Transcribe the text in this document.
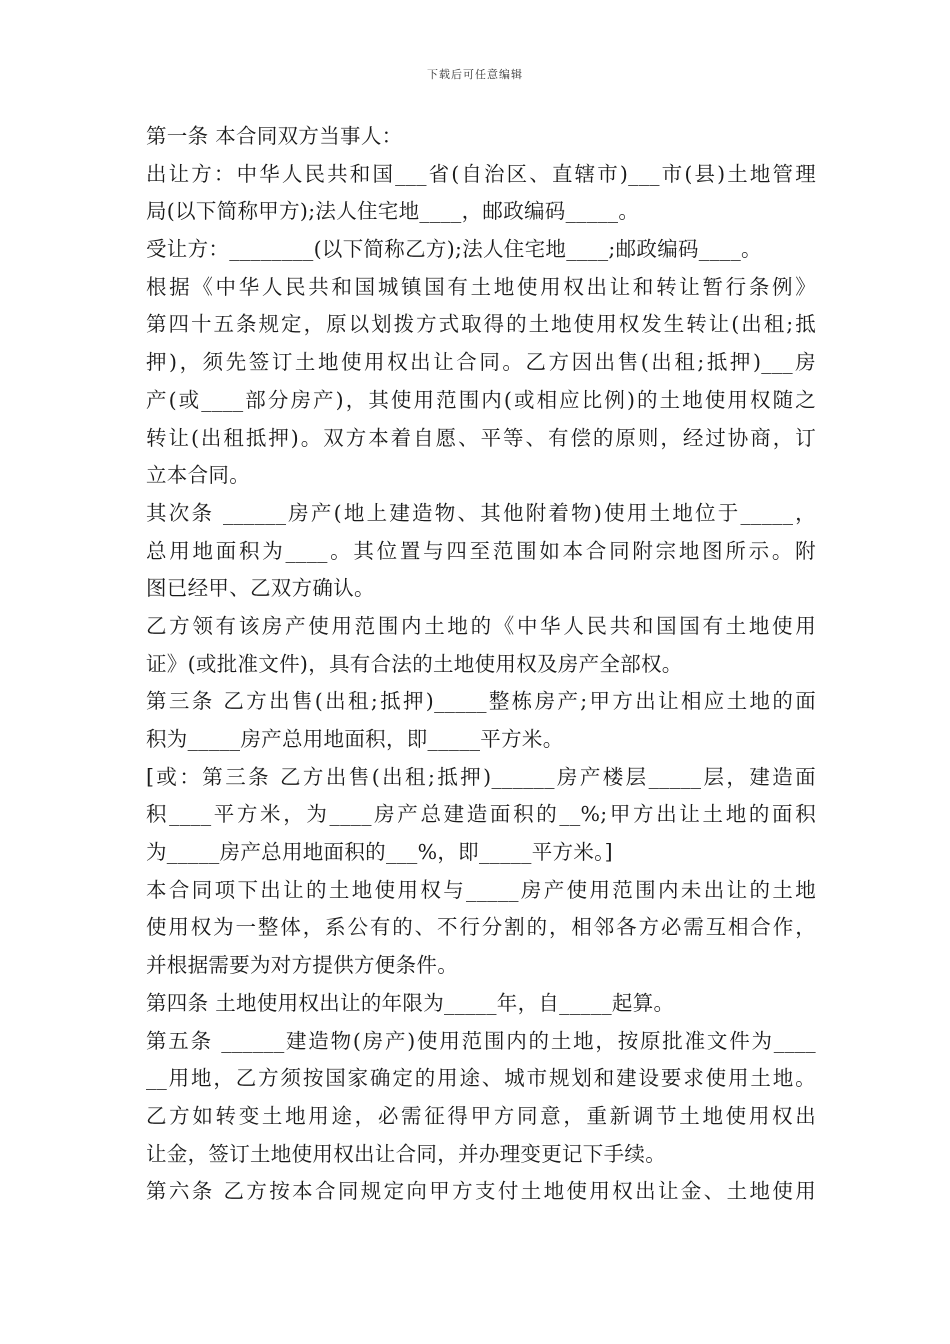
下载后可任意编辑
第一条 本合同双方当事人：
出让方：中华人民共和国___省(自治区、直辖市)___市(县)土地管理
局(以下简称甲方);法人住宅地____，邮政编码_____。
受让方：________(以下简称乙方);法人住宅地____;邮政编码____。
根据《中华人民共和国城镇国有土地使用权出让和转让暂行条例》
第四十五条规定，原以划拨方式取得的土地使用权发生转让(出租;抵
押)，须先签订土地使用权出让合同。乙方因出售(出租;抵押)___房
产(或____部分房产)，其使用范围内(或相应比例)的土地使用权随之
转让(出租抵押)。双方本着自愿、平等、有偿的原则，经过协商，订
立本合同。
其次条 ______房产(地上建造物、其他附着物)使用土地位于_____，
总用地面积为____。其位置与四至范围如本合同附宗地图所示。附
图已经甲、乙双方确认。
乙方领有该房产使用范围内土地的《中华人民共和国国有土地使用
证》(或批准文件)，具有合法的土地使用权及房产全部权。
第三条 乙方出售(出租;抵押)_____整栋房产;甲方出让相应土地的面
积为_____房产总用地面积，即_____平方米。
[或：第三条 乙方出售(出租;抵押)______房产楼层_____层，建造面
积____平方米，为____房产总建造面积的__%;甲方出让土地的面积
为_____房产总用地面积的___%，即_____平方米。]
本合同项下出让的土地使用权与_____房产使用范围内未出让的土地
使用权为一整体，系公有的、不行分割的，相邻各方必需互相合作，
并根据需要为对方提供方便条件。
第四条 土地使用权出让的年限为_____年，自_____起算。
第五条 ______建造物(房产)使用范围内的土地，按原批准文件为____
__用地，乙方须按国家确定的用途、城市规划和建设要求使用土地。
乙方如转变土地用途，必需征得甲方同意，重新调节土地使用权出
让金，签订土地使用权出让合同，并办理变更记下手续。
第六条 乙方按本合同规定向甲方支付土地使用权出让金、土地使用
